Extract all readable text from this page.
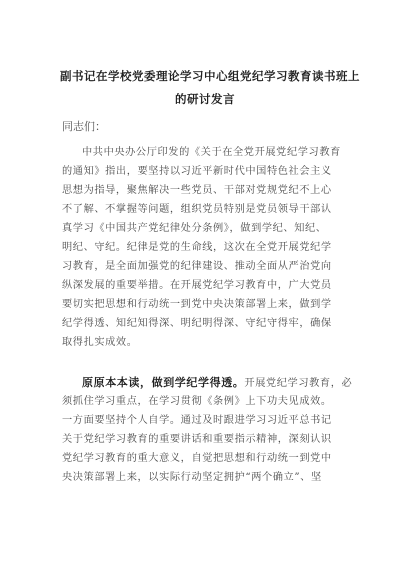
副书记在学校党委理论学习中心组党纪学习教育读书班上
的研讨发言
同志们：
中共中央办公厅印发的《关于在全党开展党纪学习教育
的通知》指出，要坚持以习近平新时代中国特色社会主义
思想为指导，聚焦解决一些党员、干部对党规党纪不上心
不了解、不掌握等问题，组织党员特别是党员领导干部认
真学习《中国共产党纪律处分条例》，做到学纪、知纪、
明纪、守纪。纪律是党的生命线，这次在全党开展党纪学
习教育，是全面加强党的纪律建设、推动全面从严治党向
纵深发展的重要举措。在开展党纪学习教育中，广大党员
要切实把思想和行动统一到党中央决策部署上来，做到学
纪学得透、知纪知得深、明纪明得深、守纪守得牢，确保
取得扎实成效。
原原本本读，做到学纪学得透。开展党纪学习教育，必
须抓住学习重点，在学习贯彻《条例》上下功夫见成效。
一方面要坚持个人自学。通过及时跟进学习习近平总书记
关于党纪学习教育的重要讲话和重要指示精神，深刻认识
党纪学习教育的重大意义，自觉把思想和行动统一到党中
央决策部署上来，以实际行动坚定拥护“两个确立”、坚
